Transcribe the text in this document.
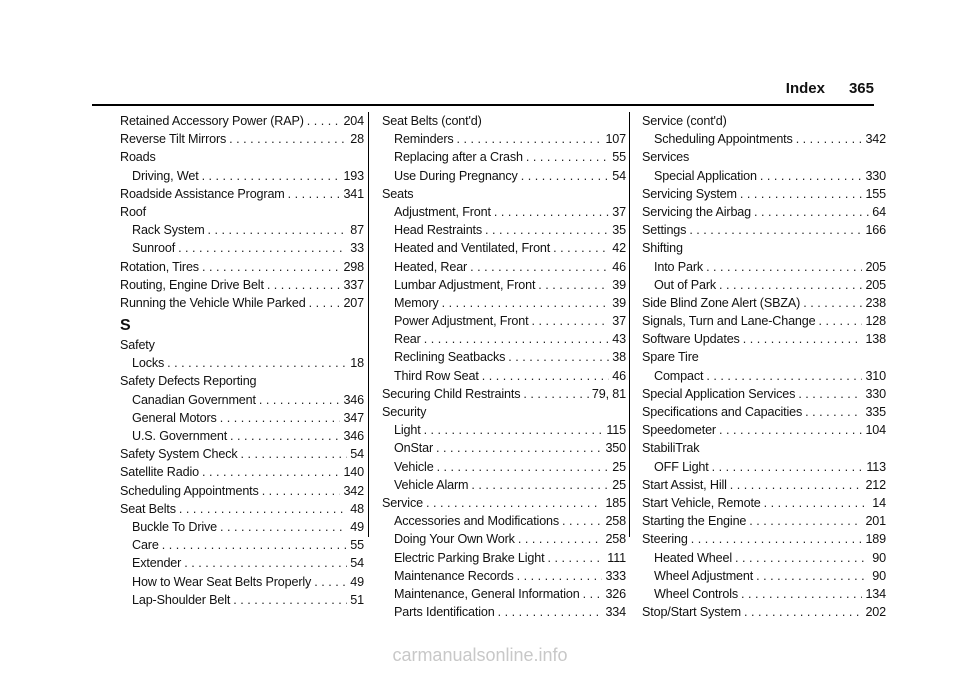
Index 365
Retained Accessory Power (RAP) . . .	204
Reverse Tilt Mirrors . . .	28
Roads
Driving, Wet . . .	193
Roadside Assistance Program . . .	341
Roof
Rack System . . .	87
Sunroof . . .	33
Rotation, Tires . . .	298
Routing, Engine Drive Belt . . .	337
Running the Vehicle While Parked . . .	207
S
Safety
Locks . . .	18
Safety Defects Reporting
Canadian Government . . .	346
General Motors . . .	347
U.S. Government . . .	346
Safety System Check . . .	54
Satellite Radio . . .	140
Scheduling Appointments . . .	342
Seat Belts . . .	48
Buckle To Drive . . .	49
Care . . .	55
Extender . . .	54
How to Wear Seat Belts Properly . . .	49
Lap-Shoulder Belt . . .	51
Seat Belts (cont'd)
Reminders . . .	107
Replacing after a Crash . . .	55
Use During Pregnancy . . .	54
Seats
Adjustment, Front . . .	37
Head Restraints . . .	35
Heated and Ventilated, Front . . .	42
Heated, Rear . . .	46
Lumbar Adjustment, Front . . .	39
Memory . . .	39
Power Adjustment, Front . . .	37
Rear . . .	43
Reclining Seatbacks . . .	38
Third Row Seat . . .	46
Securing Child Restraints . . .	79, 81
Security
Light . . .	115
OnStar . . .	350
Vehicle . . .	25
Vehicle Alarm . . .	25
Service . . .	185
Accessories and Modifications . . .	258
Doing Your Own Work . . .	258
Electric Parking Brake Light . . .	111
Maintenance Records . . .	333
Maintenance, General Information . . . 326
Parts Identification . . .	334
Service (cont'd)
Scheduling Appointments . . .	342
Services
Special Application . . .	330
Servicing System . . .	155
Servicing the Airbag . . .	64
Settings . . .	166
Shifting
Into Park . . .	205
Out of Park . . .	205
Side Blind Zone Alert (SBZA) . . .	238
Signals, Turn and Lane-Change . . .	128
Software Updates . . .	138
Spare Tire
Compact . . .	310
Special Application Services . . .	330
Specifications and Capacities . . .	335
Speedometer . . .	104
StabiliTrak
OFF Light . . .	113
Start Assist, Hill . . .	212
Start Vehicle, Remote . . .	14
Starting the Engine . . .	201
Steering . . .	189
Heated Wheel . . .	90
Wheel Adjustment . . .	90
Wheel Controls . . .	134
Stop/Start System . . .	202
carmanualsonline.info
